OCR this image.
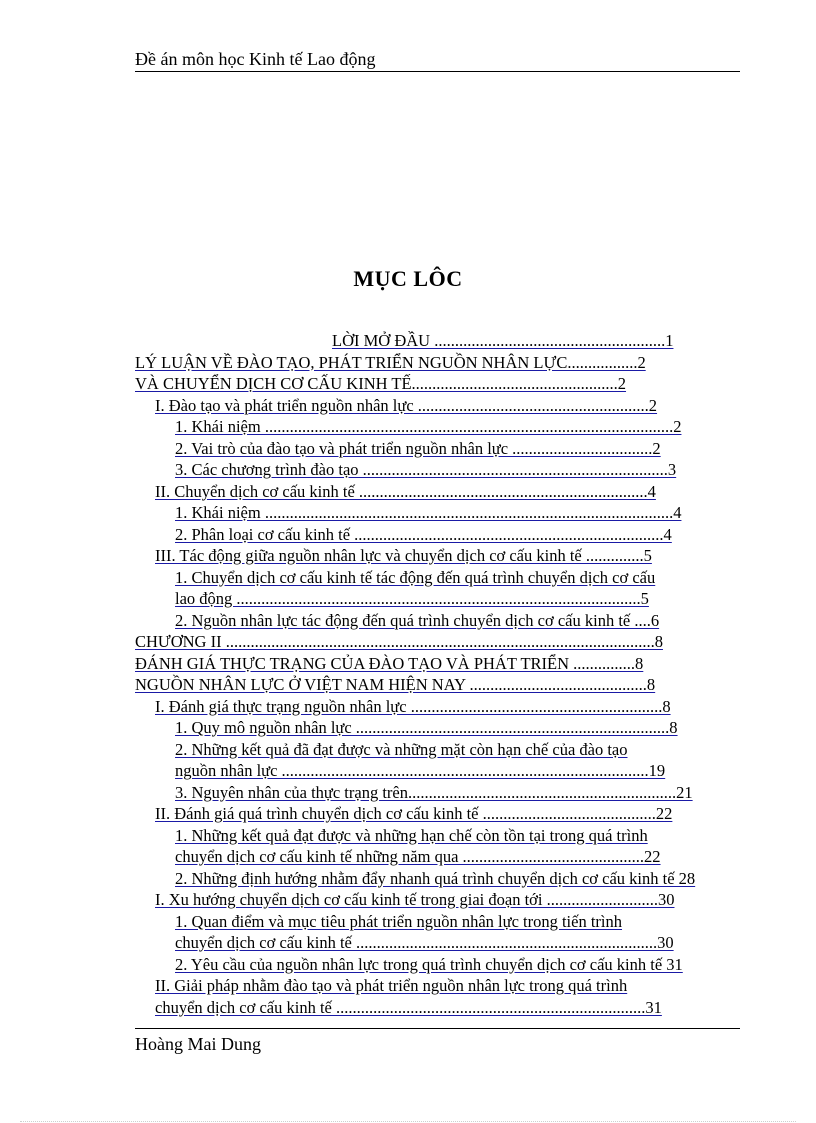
Đề án môn học Kinh tế Lao động
MỤC LÔC
LỜI MỞ ĐẦU ........................................................1
LÝ LUẬN VỀ ĐÀO TẠO, PHÁT TRIỂN NGUỒN NHÂN LỰC.................2
VÀ CHUYỂN DỊCH CƠ CẤU KINH TẾ..................................................2
I. Đào tạo và phát triển nguồn nhân lực ........................................................2
1. Khái niệm ...................................................................................................2
2. Vai trò của đào tạo và phát triển nguồn nhân lực ..................................2
3. Các chương trình đào tạo ..........................................................................3
II. Chuyển dịch cơ cấu kinh tế ......................................................................4
1. Khái niệm ...................................................................................................4
2. Phân loại cơ cấu kinh tế ...........................................................................4
III. Tác động giữa nguồn nhân lực và chuyển dịch cơ cấu kinh tế ..............5
1. Chuyển dịch cơ cấu kinh tế tác động đến quá trình chuyển dịch cơ cấu
lao động ..................................................................................................5
2. Nguồn nhân lực tác động đến quá trình chuyển dịch cơ cấu kinh tế ....6
CHƯƠNG II ........................................................................................................8
ĐÁNH GIÁ THỰC TRẠNG CỦA ĐÀO TẠO VÀ PHÁT TRIỂN ...............8
NGUỒN NHÂN LỰC Ở VIỆT NAM HIỆN NAY ...........................................8
I. Đánh giá thực trạng nguồn nhân lực .............................................................8
1. Quy mô nguồn nhân lực ............................................................................8
2. Những kết quả đã đạt được và những mặt còn hạn chế của đào tạo
nguồn nhân lực .........................................................................................19
3. Nguyên nhân của thực trạng trên.................................................................21
II. Đánh giá quá trình chuyển dịch cơ cấu kinh tế ..........................................22
1. Những kết quả đạt được và những hạn chế còn tồn tại trong quá trình
chuyển dịch cơ cấu kinh tế những năm qua ............................................22
2. Những định hướng nhằm đẩy nhanh quá trình chuyển dịch cơ cấu kinh tế 28
I. Xu hướng chuyển dịch cơ cấu kinh tế trong giai đoạn tới ...........................30
1. Quan điểm và mục tiêu phát triển nguồn nhân lực trong tiến trình
chuyển dịch cơ cấu kinh tế .........................................................................30
2. Yêu cầu của nguồn nhân lực trong quá trình chuyển dịch cơ cấu kinh tế 31
II. Giải pháp nhằm đào tạo và phát triển nguồn nhân lực trong quá trình
chuyển dịch cơ cấu kinh tế ...........................................................................31
Hoàng Mai Dung
